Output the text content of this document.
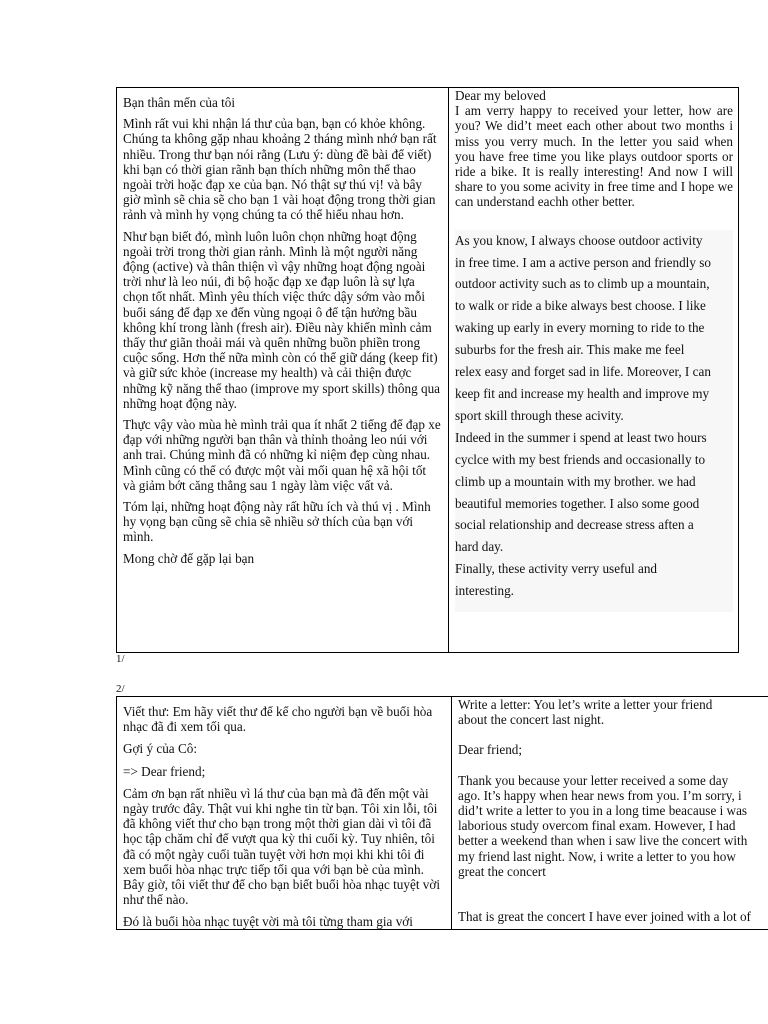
Bạn thân mến của tôi

Mình rất vui khi nhận lá thư của bạn, bạn có khỏe không. Chúng ta không gặp nhau khoảng 2 tháng mình nhớ bạn rất nhiều. Trong thư bạn nói rằng (Lưu ý: dùng đề bài để viết) khi bạn có thời gian rãnh bạn thích những môn thể thao ngoài trời hoặc đạp xe của bạn. Nó thật sự thú vị! và bây giờ mình sẽ chia sẽ cho bạn 1 vài hoạt động trong thời gian rảnh và mình hy vọng chúng ta có thể hiểu nhau hơn.

Như bạn biết đó, mình luôn luôn chọn những hoạt động ngoài trời trong thời gian rảnh. Mình là một người năng động (active) và thân thiện vì vậy những hoạt động ngoài trời như là leo núi, đi bộ hoặc đạp xe đạp luôn là sự lựa chọn tốt nhất. Mình yêu thích việc thức dậy sớm vào mỗi buổi sáng để đạp xe đến vùng ngoại ô để tận hưởng bầu không khí trong lành (fresh air). Điều này khiến mình cảm thấy thư giãn thoải mái và quên những buồn phiền trong cuộc sống. Hơn thế nữa mình còn có thể giữ dáng (keep fit) và giữ sức khỏe (increase my health) và cải thiện được những kỹ năng thể thao (improve my sport skills) thông qua những hoạt động này.

Thực vậy vào mùa hè mình trải qua ít nhất 2 tiếng để đạp xe đạp với những người bạn thân và thỉnh thoảng leo núi với anh trai. Chúng mình đã có những kỉ niệm đẹp cùng nhau. Mình cũng có thể có được một vài mối quan hệ xã hội tốt và giảm bớt căng thẳng sau 1 ngày làm việc vất vả.

Tóm lại, những hoạt động này rất hữu ích và thú vị . Mình hy vọng bạn cũng sẽ chia sẽ nhiều sở thích của bạn với mình.

Mong chờ để gặp lại bạn

Dear my beloved

I am verry happy to received your letter, how are you? We did’t meet each other about two months i miss you verry much. In the letter you said when you have free time you like plays outdoor sports or ride a bike. It is really interesting! And now I will share to you some acivity in free time and I hope we can understand eachh other better.

As you know, I always choose outdoor activity

in free time. I am a active person and friendly so

outdoor activity such as to climb up a mountain,

to walk or ride a bike always best choose. I like

waking up early in every morning to ride to the

suburbs for the fresh air. This make me feel

relex easy and forget sad in life. Moreover, I can

keep fit and increase my health and improve my

sport skill through these acivity.

Indeed in the summer i spend at least two hours

cyclce with my best friends and occasionally to

climb up a mountain with my brother. we had

beautiful memories together. I also some good

social relationship and decrease stress aften a

hard day.

Finally, these activity verry useful and

interesting.

1/
2/

Viết thư: Em hãy viết thư để kể cho người bạn về buổi hòa nhạc đã đi xem tối qua.

Gợi ý của Cô:

=> Dear friend;

Cảm ơn bạn rất nhiều vì lá thư của bạn mà đã đến một vài ngày trước đây. Thật vui khi nghe tin từ bạn. Tôi xin lỗi, tôi đã không viết thư cho bạn trong một thời gian dài vì tôi đã học tập chăm chỉ để vượt qua kỳ thi cuối kỳ. Tuy nhiên, tôi đã có một ngày cuối tuần tuyệt vời hơn mọi khi khi tôi đi xem buổi hòa nhạc trực tiếp tối qua với bạn bè của mình. Bây giờ, tôi viết thư để cho bạn biết buổi hòa nhạc tuyệt vời như thế nào.

Đó là buổi hòa nhạc tuyệt vời mà tôi từng tham gia với

Write a letter: You let’s write a letter your friend

about the concert last night.

Dear friend;

Thank you because your letter received a some day

ago. It’s happy when hear news from you. I’m sorry, i

did’t write a letter to you in a long time beacause i was

laborious study overcom final exam. However, I had

better a weekend than when i saw live the concert with

my friend last night. Now, i write a letter to you how

great the concert

That is great the concert I have ever joined with a lot of
